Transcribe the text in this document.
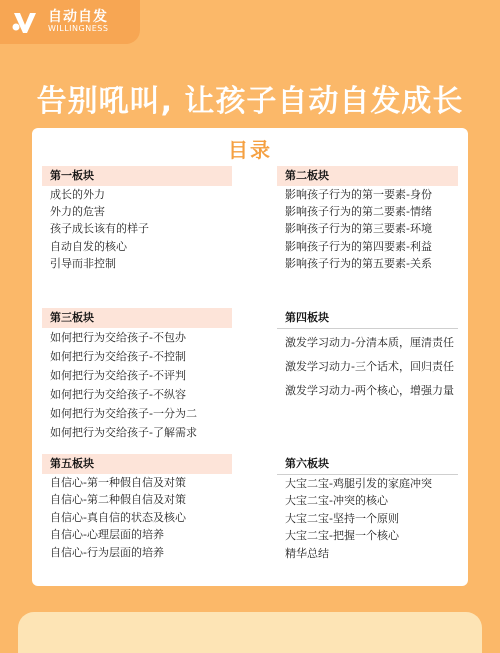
自动自发
WILLINGNESS
告别吼叫, 让孩子自动自发成长
目录
第一板块
成长的外力
外力的危害
孩子成长该有的样子
自动自发的核心
引导而非控制
第二板块
影响孩子行为的第一要素-身份
影响孩子行为的第二要素-情绪
影响孩子行为的第三要素-环境
影响孩子行为的第四要素-利益
影响孩子行为的第五要素-关系
第三板块
如何把行为交给孩子-不包办
如何把行为交给孩子-不控制
如何把行为交给孩子-不评判
如何把行为交给孩子-不纵容
如何把行为交给孩子-一分为二
如何把行为交给孩子-了解需求
第四板块
激发学习动力-分清本质，厘清责任
激发学习动力-三个话术，回归责任
激发学习动力-两个核心，增强力量
第五板块
自信心-第一种假自信及对策
自信心-第二种假自信及对策
自信心-真自信的状态及核心
自信心-心理层面的培养
自信心-行为层面的培养
第六板块
大宝二宝-鸡腿引发的家庭冲突
大宝二宝-冲突的核心
大宝二宝-坚持一个原则
大宝二宝-把握一个核心
精华总结
